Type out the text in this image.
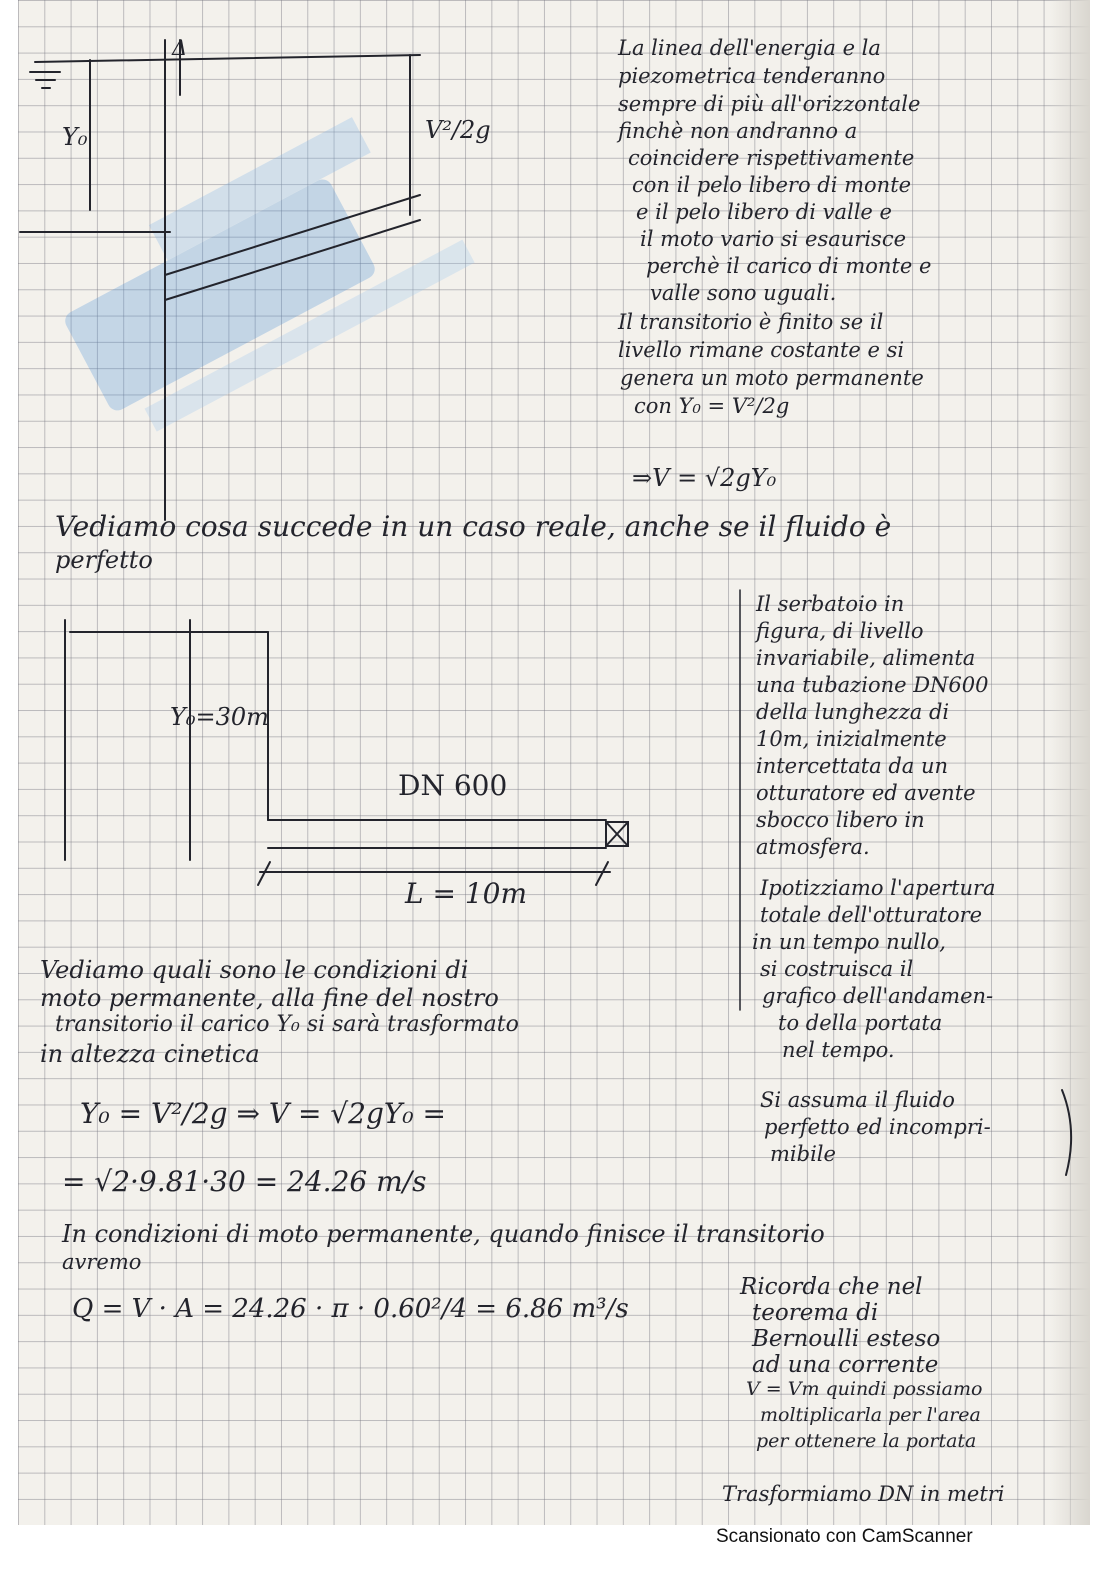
La linea dell'energia e la
piezometrica tenderanno
sempre di più all'orizzontale
finchè non andranno a
coincidere rispettivamente
con il pelo libero di monte
e il pelo libero di valle e
il moto vario si esaurisce
perchè il carico di monte e
valle sono uguali.
Y₀	V²/2g
Δ
Il transitorio è finito se il
livello rimane costante e si
genera un moto permanente
con Y₀ = V²/2g
⇒V = √2gY₀
Vediamo cosa succede in un caso reale, anche se il fluido è
perfetto
Y₀=30m
DN 600
L = 10m
Il serbatoio in
figura, di livello
invariabile, alimenta
una tubazione DN600
della lunghezza di
10m, inizialmente
intercettata da un
otturatore ed avente
sbocco libero in
atmosfera.
Ipotizziamo l'apertura
totale dell'otturatore
in un tempo nullo,
si costruisca il
grafico dell'andamen-
to della portata
nel tempo.
Si assuma il fluido
perfetto ed incompri-
mibile
Vediamo quali sono le condizioni di
moto permanente, alla fine del nostro
transitorio il carico Y₀ si sarà trasformato
in altezza cinetica
Y₀ = V²/2g ⇒ V = √2gY₀ =
= √2·9.81·30 = 24.26 m/s
In condizioni di moto permanente, quando finisce il transitorio
avremo
Q = V · A = 24.26 · π · 0.60²/4 = 6.86 m³/s
Ricorda che nel
teorema di
Bernoulli esteso
ad una corrente
V = Vm quindi possiamo
moltiplicarla per l'area
per ottenere la portata
Trasformiamo DN in metri
Scansionato con CamScanner
